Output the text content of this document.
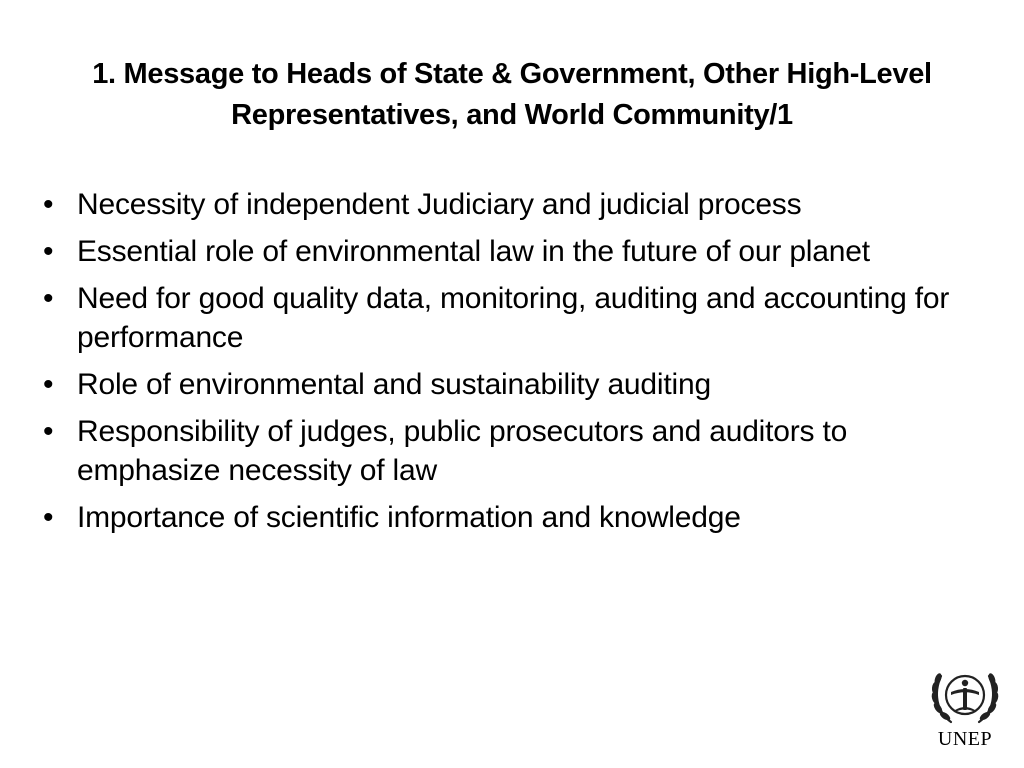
1. Message to Heads of State & Government, Other High-Level Representatives, and World Community/1
• Necessity of independent Judiciary and judicial process
• Essential role of environmental law in the future of our planet
• Need for good quality data, monitoring, auditing and accounting for performance
• Role of environmental and sustainability auditing
• Responsibility of judges, public prosecutors and auditors to emphasize necessity of law
• Importance of scientific information and knowledge
UNEP
